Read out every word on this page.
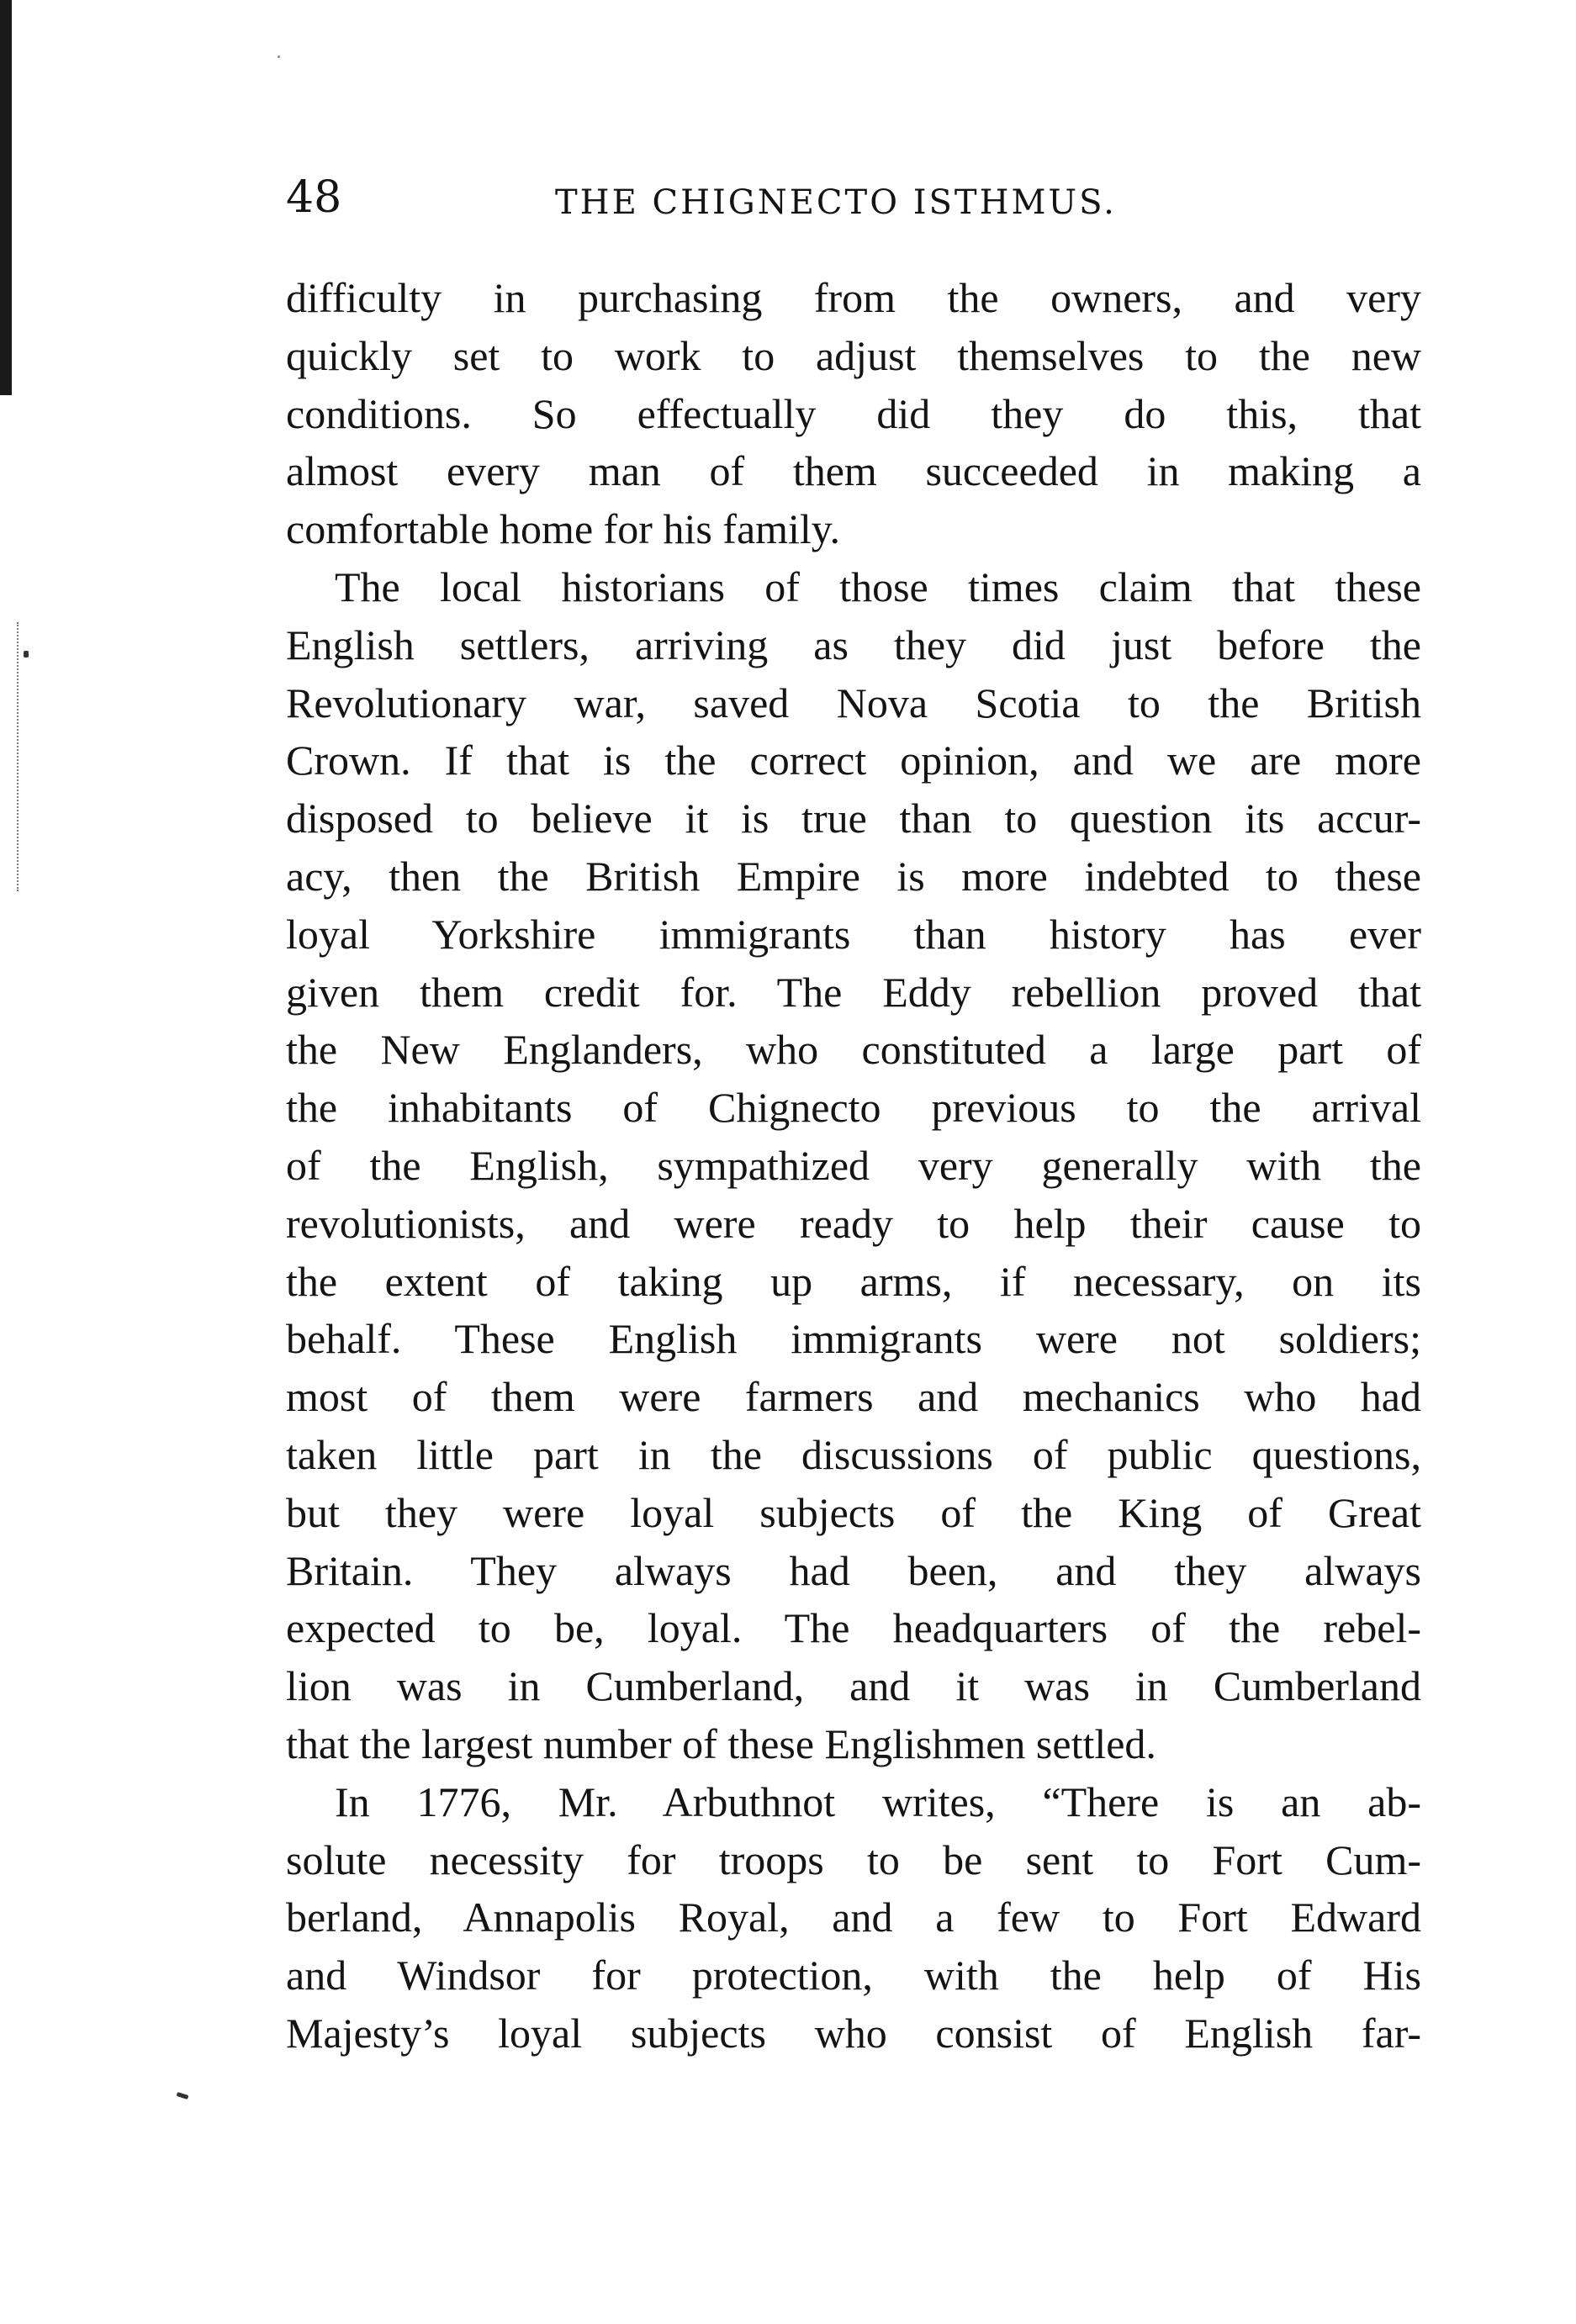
48	THE CHIGNECTO ISTHMUS.
difficulty in purchasing from the owners, and very
quickly set to work to adjust themselves to the new
conditions. So effectually did they do this, that
almost every man of them succeeded in making a
comfortable home for his family.
The local historians of those times claim that these
English settlers, arriving as they did just before the
Revolutionary war, saved Nova Scotia to the British
Crown. If that is the correct opinion, and we are more
disposed to believe it is true than to question its accur-
acy, then the British Empire is more indebted to these
loyal Yorkshire immigrants than history has ever
given them credit for. The Eddy rebellion proved that
the New Englanders, who constituted a large part of
the inhabitants of Chignecto previous to the arrival
of the English, sympathized very generally with the
revolutionists, and were ready to help their cause to
the extent of taking up arms, if necessary, on its
behalf. These English immigrants were not soldiers;
most of them were farmers and mechanics who had
taken little part in the discussions of public questions,
but they were loyal subjects of the King of Great
Britain. They always had been, and they always
expected to be, loyal. The headquarters of the rebel-
lion was in Cumberland, and it was in Cumberland
that the largest number of these Englishmen settled.
In 1776, Mr. Arbuthnot writes, “There is an ab-
solute necessity for troops to be sent to Fort Cum-
berland, Annapolis Royal, and a few to Fort Edward
and Windsor for protection, with the help of His
Majesty’s loyal subjects who consist of English far-
